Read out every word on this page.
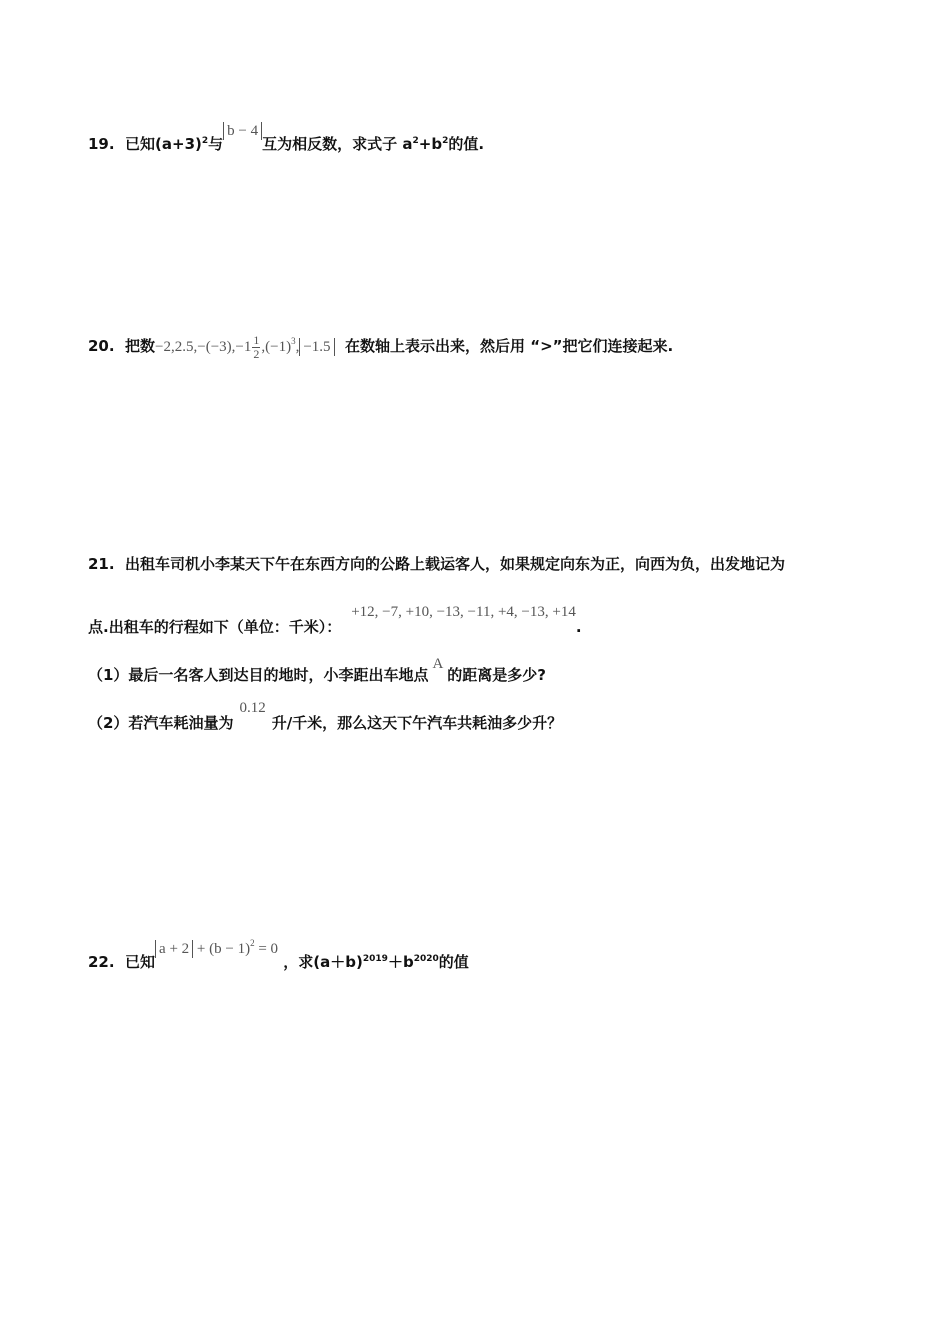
19. 已知$(a+3)^2$与b − 4互为相反数，求式子 $a^2+b^2$的值.
20. 把数$-2,2.5,-(-3),-1 \frac{1}{2} ,(-1)^3$, −1.5 在数轴上表示出来，然后用 “>”把它们连接起来.
21. 出租车司机小李某天下午在东西方向的公路上载运客人，如果规定向东为正，向西为负，出发地记为
点.出租车的行程如下（单位：千米）：+12, −7, +10, −13, −11, +4, −13, +14.
（1）最后一名客人到达目的地时，小李距出车地点A的距离是多少?
（2）若汽车耗油量为0.12升/千米，那么这天下午汽车共耗油多少升？
22. 已知$a + 2 + (b - 1)^2 = 0$ ，求$(a+b)^{2019}+b^{2020}$的值
